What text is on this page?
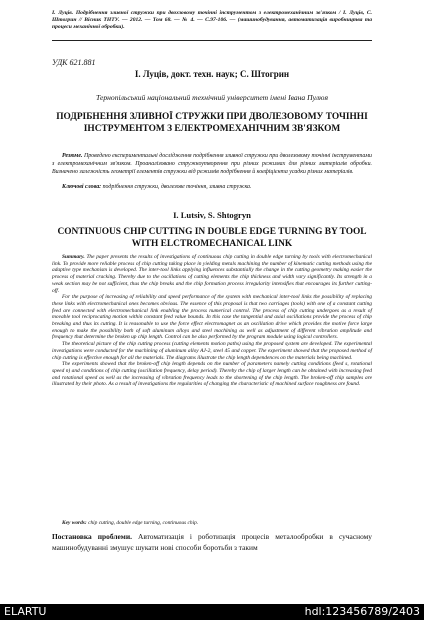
І. Луців. Подрібнення зливної стружки при двохзовому точінні інструментом з електромеханічним зв'язком / І. Луців, С. Штогрин // Вісник ТНТУ. — 2012. — Том 68. — № 4. — С.97-106. — (машинобудування, автоматизація виробництва та процеси механічної обробки).
УДК 621.881
І. Луців, докт. техн. наук; С. Штогрин
Тернопільський національний технічний університет імені Івана Пулюя
ПОДРІБНЕННЯ ЗЛИВНОЇ СТРУЖКИ ПРИ ДВОЛЕЗОВОМУ ТОЧІННІ ІНСТРУМЕНТОМ З ЕЛЕКТРОМЕХАНІЧНИМ ЗВ'ЯЗКОМ

Резюме. Проведено експериментальні дослідження подрібнення зливної стружки при дволезовому точінні інструментами з електромеханічним зв'язком. Проаналізовано стружкоутворення при різних режимах для різних матеріалів обробки. Визначено залежність геометрії елементів стружки від режимів подрібнення й коефіцієнта усадки різних матеріалів.

Ключові слова: подрібнення стружки, дволезове точіння, зливна стружка.
I. Lutsiv, S. Shtogryn
CONTINUOUS CHIP CUTTING IN DOUBLE EDGE TURNING BY TOOL WITH ELCTROMECHANICAL LINK

Summary. The paper presents the results of investigations of continuous chip cutting in double edge turning by tools with electromechanical link. To provide more reliable process of chip cutting taking place in yielding metals machining the number of kinematic cutting methods using the adaptive type mechanism is developed. The inter-tool links applying influences substantially the change in the cutting geometry making easier the process of material cracking. Thereby due to the oscillations of cutting elements the chip thickness and width vary significantly. Its strength in a weak section may be not sufficient, thus the chip breaks and the chip formation process irregularity intensifies that encourages its further cutting-off.

For the purpose of increasing of reliability and speed performance of the system with mechanical inter-tool links the possibility of replacing these links with electromechanical ones becomes obvious. The essence of this proposal is that two carriages (tools) with one of a constant cutting feed are connected with electromechanical link enabling the process numerical control. The process of chip cutting undergoes as a result of movable tool reciprocating motion within constant feed value bounds. In this case the tangential and axial oscillations provide the process of chip breaking and thus its cutting. It is reasonable to use the force effect electromagnet as an oscillation drive which provides the motive force large enough to make the possibility both of soft aluminum alloys and steel machining as well as adjustment of different vibration amplitude and frequency that determine the broken up chip length. Control can be also performed by the program module using logical controllers.

The theoretical picture of the chip cutting process (cutting elements motion paths) using the proposed system are developed. The experimental investigations were conducted for the machining of aluminum alloy AJ-2, steel 45 and copper. The experiment showed that the proposed method of chip cutting is effective enough for all the materials. The diagrams illustrate the chip length dependences on the materials being machined.

The experiments showed that the broken-off chip length depends on the number of parameters namely cutting conditions (feed s, rotational speed n) and conditions of chip cutting (oscillation frequency, delay period). Thereby the chip of larger length can be obtained with increasing feed and rotational speed as well as the increasing of vibration frequency leads to the shortening of the chip length. The broken-off chip samples are illustrated by their photo. As a result of investigations the regularities of changing the characteristic of machined surface roughness are found.

Key words: chip cutting, double edge turning, continuous chip.
Постановка проблеми. Автоматизація і роботизація процесів металообробки в сучасному машинобудуванні змушує шукати нові способи боротьби з таким
ELARTU	hdl:123456789/2403
